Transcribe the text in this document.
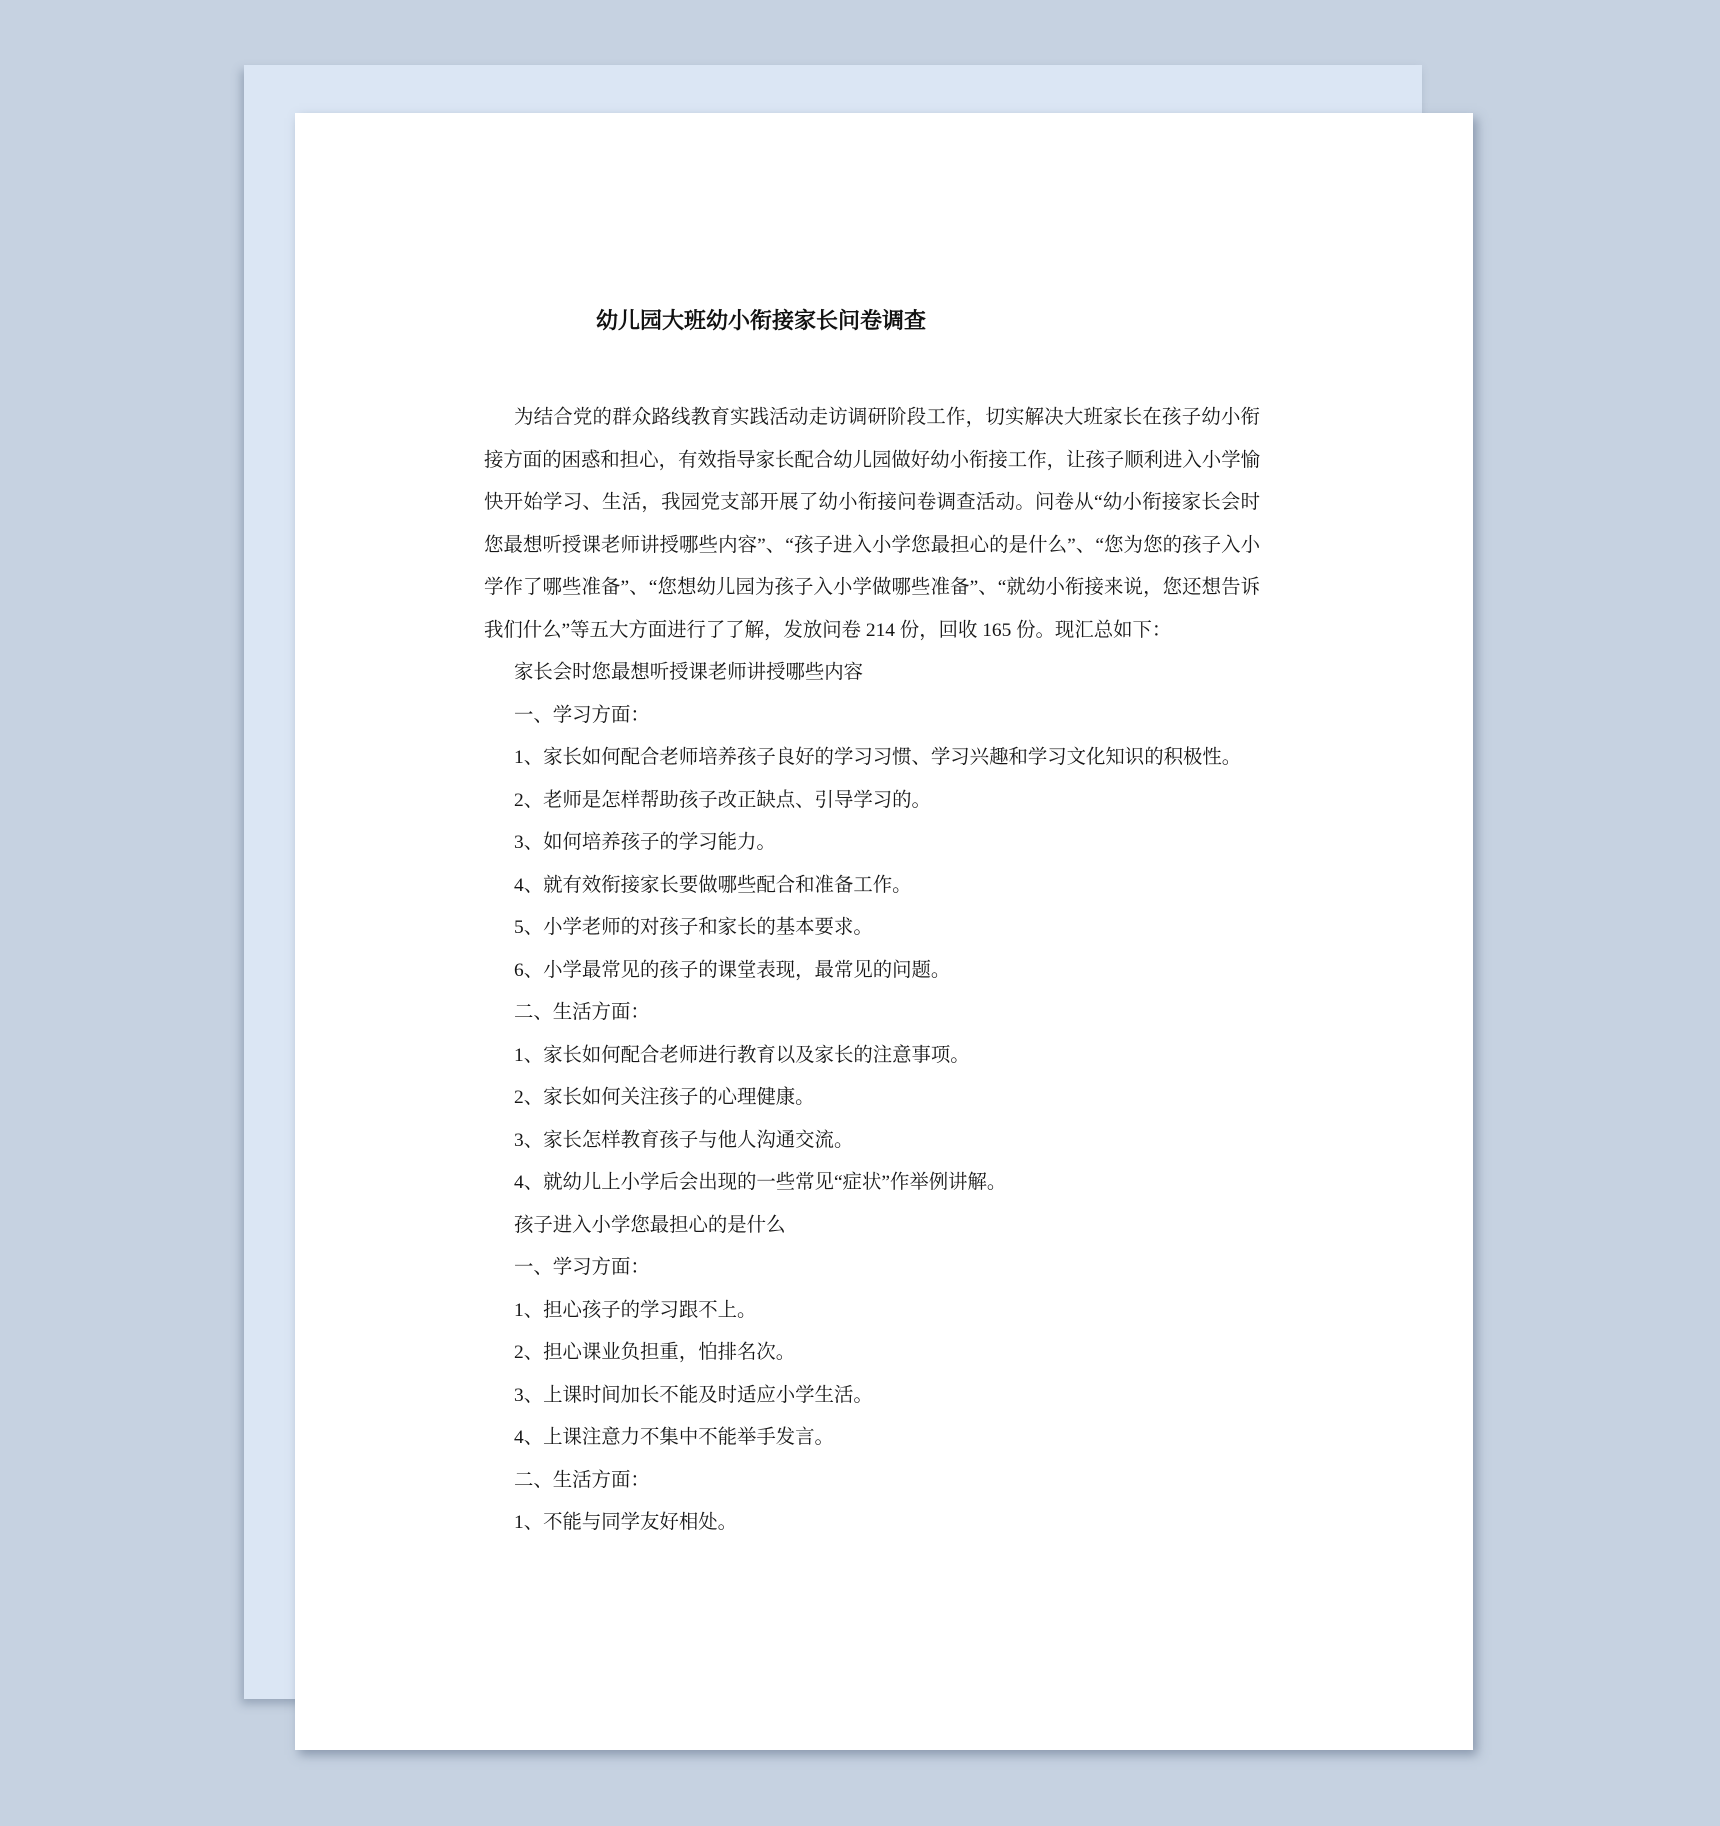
幼儿园大班幼小衔接家长问卷调查

为结合党的群众路线教育实践活动走访调研阶段工作，切实解决大班家长在孩子幼小衔接方面的困惑和担心，有效指导家长配合幼儿园做好幼小衔接工作，让孩子顺利进入小学愉快开始学习、生活，我园党支部开展了幼小衔接问卷调查活动。问卷从“幼小衔接家长会时您最想听授课老师讲授哪些内容”、“孩子进入小学您最担心的是什么”、“您为您的孩子入小学作了哪些准备”、“您想幼儿园为孩子入小学做哪些准备”、“就幼小衔接来说，您还想告诉我们什么”等五大方面进行了了解，发放问卷 214 份，回收 165 份。现汇总如下：

家长会时您最想听授课老师讲授哪些内容

一、学习方面：

1、家长如何配合老师培养孩子良好的学习习惯、学习兴趣和学习文化知识的积极性。

2、老师是怎样帮助孩子改正缺点、引导学习的。

3、如何培养孩子的学习能力。

4、就有效衔接家长要做哪些配合和准备工作。

5、小学老师的对孩子和家长的基本要求。

6、小学最常见的孩子的课堂表现，最常见的问题。

二、生活方面：

1、家长如何配合老师进行教育以及家长的注意事项。

2、家长如何关注孩子的心理健康。

3、家长怎样教育孩子与他人沟通交流。

4、就幼儿上小学后会出现的一些常见“症状”作举例讲解。

孩子进入小学您最担心的是什么

一、学习方面：

1、担心孩子的学习跟不上。

2、担心课业负担重，怕排名次。

3、上课时间加长不能及时适应小学生活。

4、上课注意力不集中不能举手发言。

二、生活方面：

1、不能与同学友好相处。
